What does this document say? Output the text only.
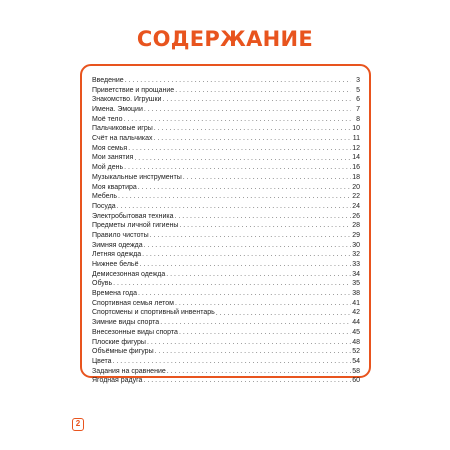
СОДЕРЖАНИЕ
Введение . . .	3
Приветствие и прощание . . .	5
Знакомство. Игрушки . . .	6
Имена. Эмоции . . .	7
Моё тело . . .	8
Пальчиковые игры . . .	10
Счёт на пальчиках . . .	11
Моя семья . . .	12
Мои занятия . . .	14
Мой день . . .	16
Музыкальные инструменты . . .	18
Моя квартира . . .	20
Мебель . . .	22
Посуда . . .	24
Электробытовая техника . . .	26
Предметы личной гигиены . . .	28
Правило чистоты . . .	29
Зимняя одежда . . .	30
Летняя одежда . . .	32
Нижнее бельё . . .	33
Демисезонная одежда . . .	34
Обувь . . .	35
Времена года . . .	38
Спортивная семья летом . . .	41
Спортсмены и спортивный инвентарь . . .	42
Зимние виды спорта . . .	44
Внесезонные виды спорта . . .	45
Плоские фигуры . . .	48
Объёмные фигуры . . .	52
Цвета . . .	54
Задания на сравнение . . .	58
Ягодная радуга . . .	60
2
